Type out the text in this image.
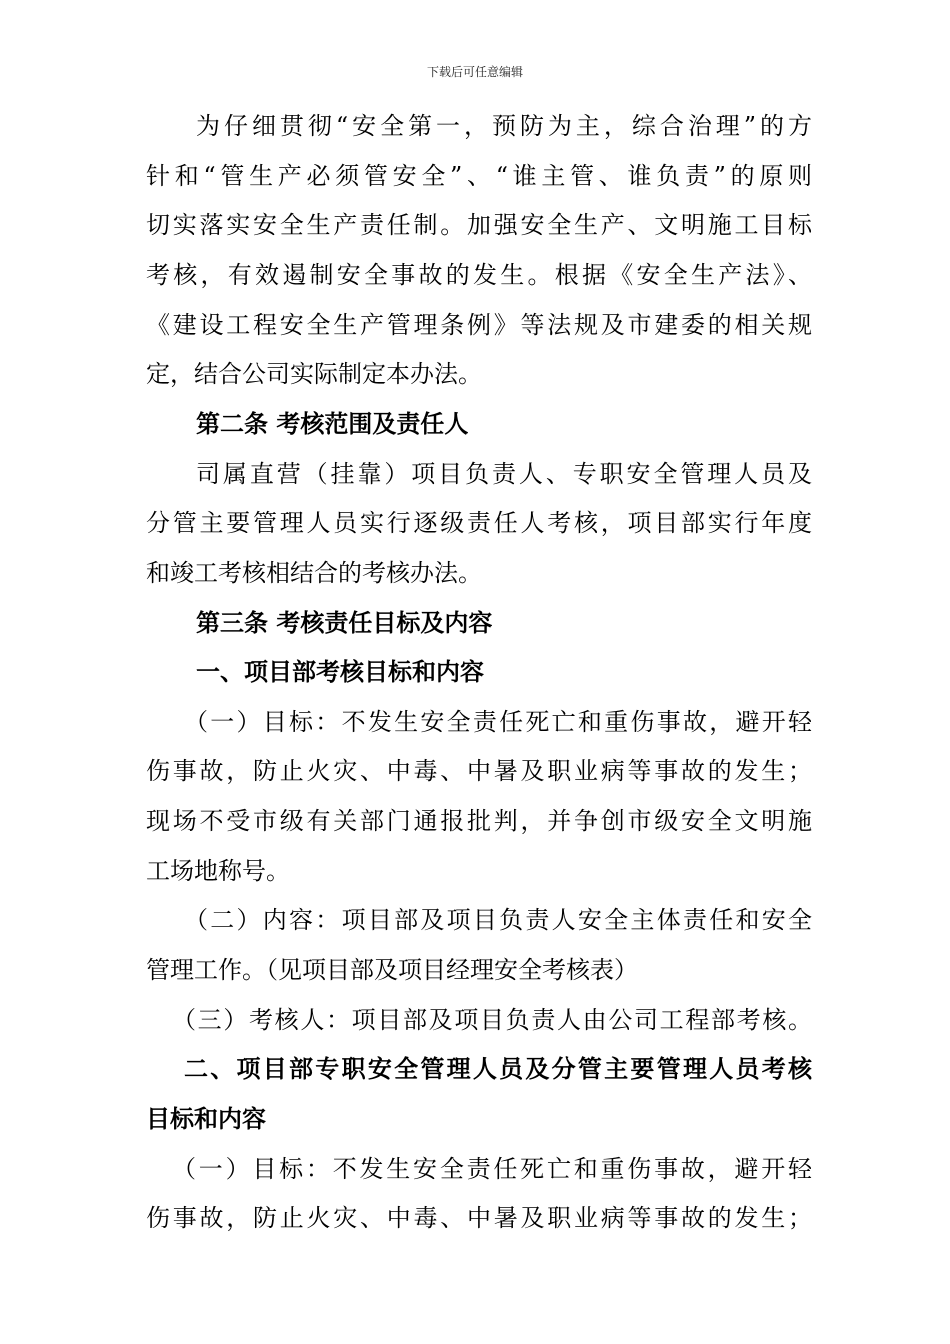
下载后可任意编辑
为仔细贯彻“安全第一，预防为主，综合治理”的方
针和“管生产必须管安全”、“谁主管、谁负责”的原则
切实落实安全生产责任制。加强安全生产、文明施工目标
考核，有效遏制安全事故的发生。根据《安全生产法》、
《建设工程安全生产管理条例》等法规及市建委的相关规
定，结合公司实际制定本办法。
第二条 考核范围及责任人
司属直营（挂靠）项目负责人、专职安全管理人员及
分管主要管理人员实行逐级责任人考核，项目部实行年度
和竣工考核相结合的考核办法。
第三条 考核责任目标及内容
一、项目部考核目标和内容
（一）目标：不发生安全责任死亡和重伤事故，避开轻
伤事故，防止火灾、中毒、中暑及职业病等事故的发生；
现场不受市级有关部门通报批判，并争创市级安全文明施
工场地称号。
（二）内容：项目部及项目负责人安全主体责任和安全
管理工作。（见项目部及项目经理安全考核表）
（三）考核人：项目部及项目负责人由公司工程部考核。
二、项目部专职安全管理人员及分管主要管理人员考核
目标和内容
（一）目标：不发生安全责任死亡和重伤事故，避开轻
伤事故，防止火灾、中毒、中暑及职业病等事故的发生；
